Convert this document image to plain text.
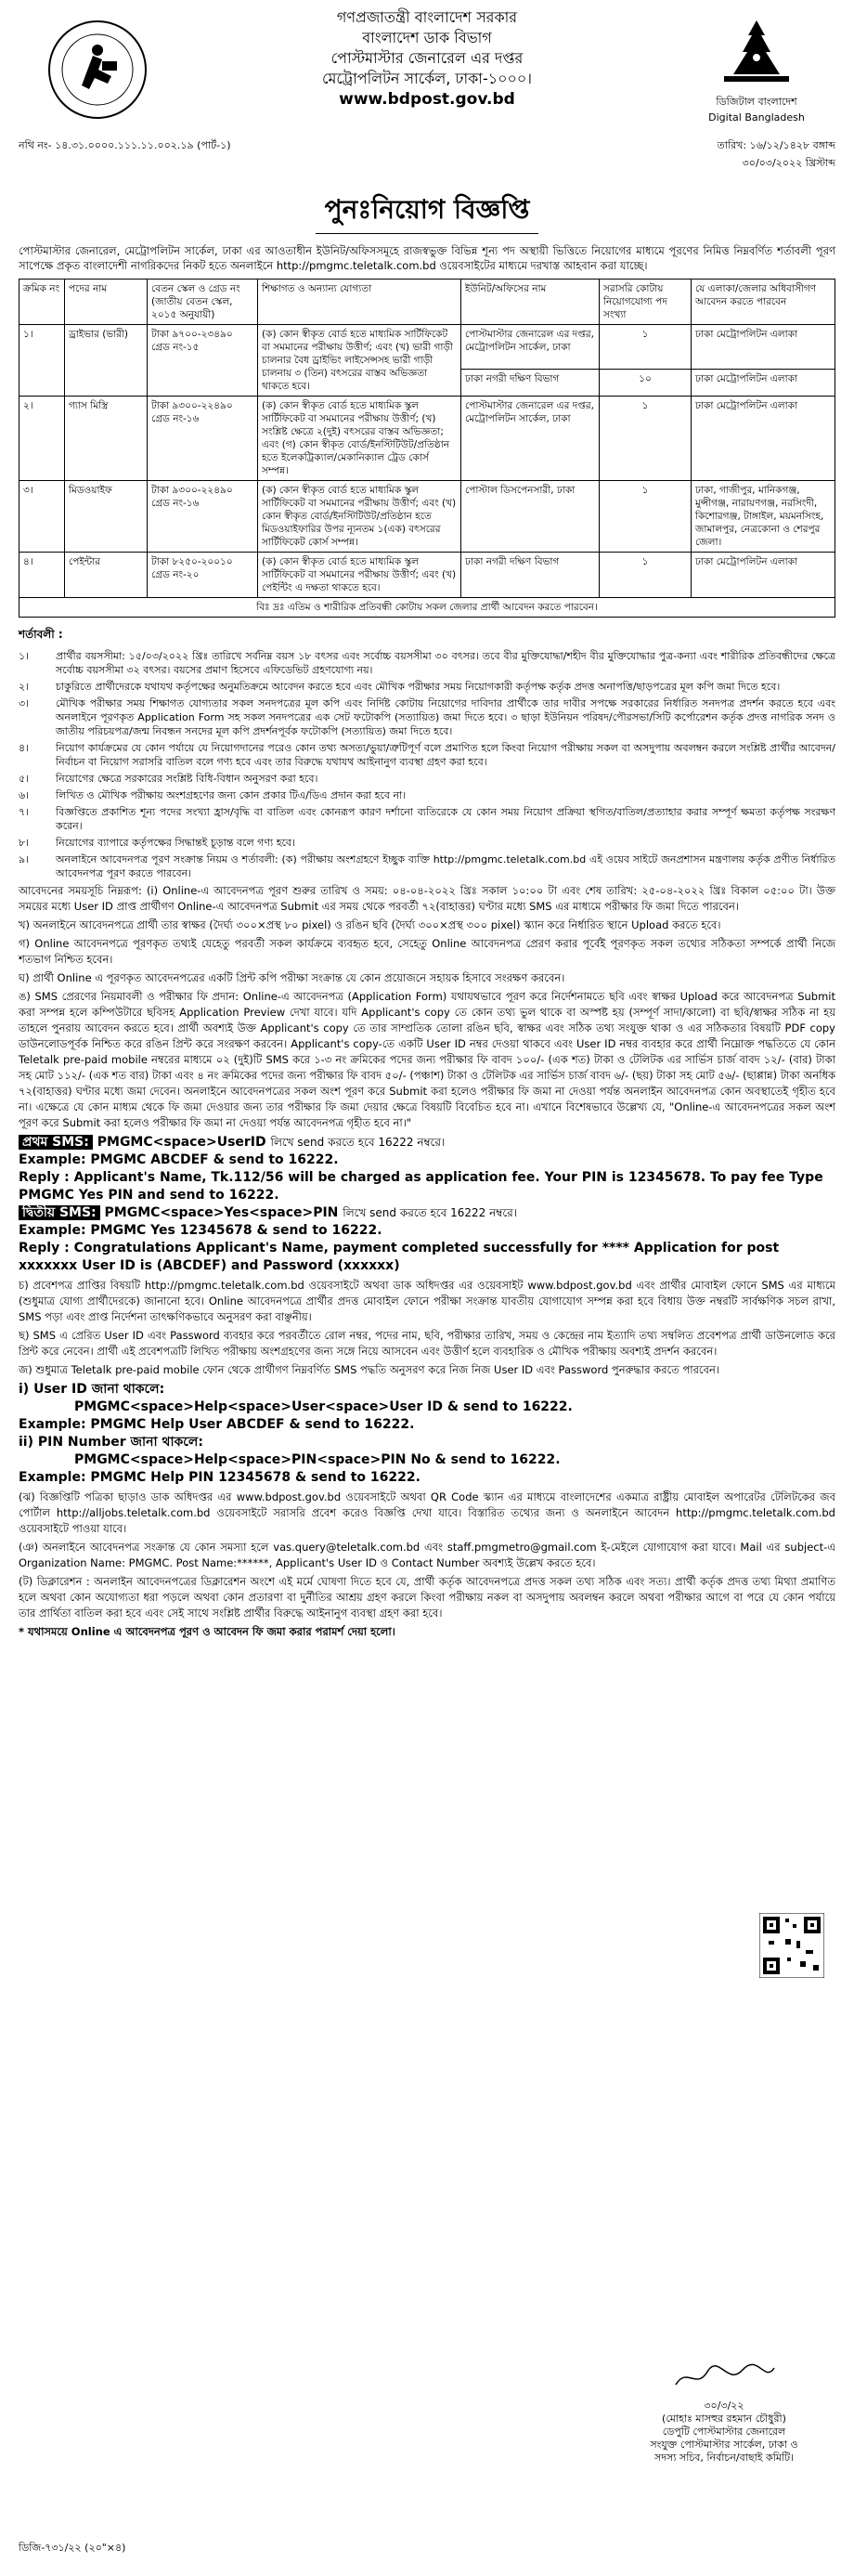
গণপ্রজাতন্ত্রী বাংলাদেশ সরকার
বাংলাদেশ ডাক বিভাগ
পোস্টমাস্টার জেনারেল এর দপ্তর
মেট্রোপলিটন সার্কেল, ঢাকা-১০০০।
www.bdpost.gov.bd	ডিজিটাল বাংলাদেশ
Digital Bangladesh
নথি নং- ১৪.৩১.০০০০.১১১.১১.০০২.১৯ (পার্ট-১)	তারিখ: ১৬/১২/১৪২৮ বঙ্গাব্দ
৩০/০৩/২০২২ খ্রিস্টাব্দ
পুনঃনিয়োগ বিজ্ঞপ্তি
পোস্টমাস্টার জেনারেল, মেট্রোপলিটন সার্কেল, ঢাকা এর আওতাধীন ইউনিট/অফিসসমূহে রাজস্বভুক্ত বিভিন্ন শূন্য পদ অস্থায়ী ভিত্তিতে নিয়োগের মাধ্যমে পূরণের নিমিত্ত নিম্নবর্ণিত শর্তাবলী পূরণ সাপেক্ষে প্রকৃত বাংলাদেশী নাগরিকদের নিকট হতে অনলাইনে http://pmgmc.teletalk.com.bd ওয়েবসাইটের মাধ্যমে দরখাস্ত আহবান করা যাচ্ছে।
ক্রমিক নং	পদের নাম	বেতন স্কেল ও গ্রেড নং (জাতীয় বেতন স্কেল, ২০১৫ অনুযায়ী)	শিক্ষাগত ও অন্যান্য যোগ্যতা	ইউনিট/অফিসের নাম	সরাসরি কোটায় নিয়োগযোগ্য পদ সংখ্যা	যে এলাকা/জেলার অধিবাসীগণ আবেদন করতে পারবেন
১।	ড্রাইভার (ভারী)	টাকা ৯৭০০-২৩৪৯০ গ্রেড নং-১৫	(ক) কোন স্বীকৃত বোর্ড হতে মাধ্যমিক সার্টিফিকেট বা সমমানের পরীক্ষায় উত্তীর্ণ; এবং (খ) ভারী গাড়ী চালনার বৈধ ড্রাইভিং লাইসেন্সসহ ভারী গাড়ী চালনায় ৩ (তিন) বৎসরের বাস্তব অভিজ্ঞতা থাকতে হবে।	পোস্টমাস্টার জেনারেল এর দপ্তর, মেট্রোপলিটন সার্কেল, ঢাকা	১	ঢাকা মেট্রোপলিটন এলাকা
				ঢাকা নগরী দক্ষিণ বিভাগ	১০	ঢাকা মেট্রোপলিটন এলাকা
২।	গ্যাস মিস্ত্রি	টাকা ৯৩০০-২২৪৯০ গ্রেড নং-১৬	(ক) কোন স্বীকৃত বোর্ড হতে মাধ্যমিক স্কুল সার্টিফিকেট বা সমমানের পরীক্ষায় উত্তীর্ণ; (খ) সংশ্লিষ্ট ক্ষেত্রে ২(দুই) বৎসরের বাস্তব অভিজ্ঞতা; এবং (গ) কোন স্বীকৃত বোর্ড/ইনস্টিটিউট/প্রতিষ্ঠান হতে ইলেকট্রিক্যাল/মেকানিক্যাল ট্রেড কোর্স সম্পন্ন।	পোস্টমাস্টার জেনারেল এর দপ্তর, মেট্রোপলিটন সার্কেল, ঢাকা	১	ঢাকা মেট্রোপলিটন এলাকা
৩।	মিডওয়াইফ	টাকা ৯৩০০-২২৪৯০ গ্রেড নং-১৬	(ক) কোন স্বীকৃত বোর্ড হতে মাধ্যমিক স্কুল সার্টিফিকেট বা সমমানের পরীক্ষায় উত্তীর্ণ; এবং (খ) কোন স্বীকৃত বোর্ড/ইনস্টিটিউট/প্রতিষ্ঠান হতে মিডওয়াইফারির উপর ন্যূনতম ১(এক) বৎসরের সার্টিফিকেট কোর্স সম্পন্ন।	পোস্টাল ডিসপেনসারী, ঢাকা	১	ঢাকা, গাজীপুর, মানিকগঞ্জ, মুন্সীগঞ্জ, নারায়ণগঞ্জ, নরসিংদী, কিশোরগঞ্জ, টাঙ্গাইল, ময়মনসিংহ, জামালপুর, নেত্রকোনা ও শেরপুর জেলা।
৪।	পেইন্টার	টাকা ৮২৫০-২০০১০ গ্রেড নং-২০	(ক) কোন স্বীকৃত বোর্ড হতে মাধ্যমিক স্কুল সার্টিফিকেট বা সমমানের পরীক্ষায় উত্তীর্ণ; এবং (খ) পেইন্টিং এ দক্ষতা থাকতে হবে।	ঢাকা নগরী দক্ষিণ বিভাগ	১	ঢাকা মেট্রোপলিটন এলাকা
বিঃ দ্রঃ এতিম ও শারীরিক প্রতিবন্ধী কোটায় সকল জেলার প্রার্থী আবেদন করতে পারবেন।						
শর্তাবলী :
১।	প্রার্থীর বয়সসীমা: ১৫/০৩/২০২২ খ্রিঃ তারিখে সর্বনিম্ন বয়স ১৮ বৎসর এবং সর্বোচ্চ বয়সসীমা ৩০ বৎসর। তবে বীর মুক্তিযোদ্ধা/শহীদ বীর মুক্তিযোদ্ধার পুত্র-কন্যা এবং শারীরিক প্রতিবন্ধীদের ক্ষেত্রে সর্বোচ্চ বয়সসীমা ৩২ বৎসর। বয়সের প্রমাণ হিসেবে এফিডেভিট গ্রহণযোগ্য নয়।
২।	চাকুরিতে প্রার্থীদেরকে যথাযথ কর্তৃপক্ষের অনুমতিক্রমে আবেদন করতে হবে এবং মৌখিক পরীক্ষার সময় নিয়োগকারী কর্তৃপক্ষ কর্তৃক প্রদত্ত অনাপত্তি/ছাড়পত্রের মূল কপি জমা দিতে হবে।
৩।	মৌখিক পরীক্ষার সময় শিক্ষাগত যোগ্যতার সকল সনদপত্রের মূল কপি এবং নির্দিষ্ট কোটায় নিয়োগের দাবিদার প্রার্থীকে তার দাবীর সপক্ষে সরকারের নির্ধারিত সনদপত্র প্রদর্শন করতে হবে এবং অনলাইনে পূরণকৃত Application Form সহ সকল সনদপত্রের এক সেট ফটোকপি (সত্যায়িত) জমা দিতে হবে। ৩ ছাড়া ইউনিয়ন পরিষদ/পৌরসভা/সিটি কর্পোরেশন কর্তৃক প্রদত্ত নাগরিক সনদ ও জাতীয় পরিচয়পত্র/জন্ম নিবন্ধন সনদের মূল কপি প্রদর্শনপূর্বক ফটোকপি (সত্যায়িত) জমা দিতে হবে।
৪।	নিয়োগ কার্যক্রমের যে কোন পর্যায়ে যে নিয়োগদানের পরেও কোন তথ্য অসত্য/ভুয়া/ত্রুটিপূর্ণ বলে প্রমাণিত হলে কিংবা নিয়োগ পরীক্ষায় সকল বা অসদুপায় অবলম্বন করলে সংশ্লিষ্ট প্রার্থীর আবেদন/নির্বাচন বা নিয়োগ সরাসরি বাতিল বলে গণ্য হবে এবং তার বিরুদ্ধে যথাযথ আইনানুগ ব্যবস্থা গ্রহণ করা হবে।
৫।	নিয়োগের ক্ষেত্রে সরকারের সংশ্লিষ্ট বিধি-বিধান অনুসরণ করা হবে।
৬।	লিখিত ও মৌখিক পরীক্ষায় অংশগ্রহণের জন্য কোন প্রকার টিএ/ডিএ প্রদান করা হবে না।
৭।	বিজ্ঞপ্তিতে প্রকাশিত শূন্য পদের সংখ্যা হ্রাস/বৃদ্ধি বা বাতিল এবং কোনরূপ কারণ দর্শানো ব্যতিরেকে যে কোন সময় নিয়োগ প্রক্রিয়া স্থগিত/বাতিল/প্রত্যাহার করার সম্পূর্ণ ক্ষমতা কর্তৃপক্ষ সংরক্ষণ করেন।
৮।	নিয়োগের ব্যাপারে কর্তৃপক্ষের সিদ্ধান্তই চূড়ান্ত বলে গণ্য হবে।
৯।	অনলাইনে আবেদনপত্র পূরণ সংক্রান্ত নিয়ম ও শর্তাবলী: (ক) পরীক্ষায় অংশগ্রহণে ইচ্ছুক ব্যক্তি http://pmgmc.teletalk.com.bd এই ওয়েব সাইটে জনপ্রশাসন মন্ত্রণালয় কর্তৃক প্রণীত নির্ধারিত আবেদনপত্র পূরণ করতে পারবেন।
আবেদনের সময়সূচি নিম্নরূপ: (i) Online-এ আবেদনপত্র পূরণ শুরুর তারিখ ও সময়: ০৪-০৪-২০২২ খ্রিঃ সকাল ১০:০০ টা এবং শেষ তারিখ: ২৫-০৪-২০২২ খ্রিঃ বিকাল ০৫:০০ টা। উক্ত সময়ের মধ্যে User ID প্রাপ্ত প্রার্থীগণ Online-এ আবেদনপত্র Submit এর সময় থেকে পরবর্তী ৭২(বাহাত্তর) ঘণ্টার মধ্যে SMS এর মাধ্যমে পরীক্ষার ফি জমা দিতে পারবেন।
খ) অনলাইনে আবেদনপত্রে প্রার্থী তার স্বাক্ষর (দৈর্ঘ্য ৩০০×প্রস্থ ৮০ pixel) ও রঙিন ছবি (দৈর্ঘ্য ৩০০×প্রস্থ ৩০০ pixel) স্ক্যান করে নির্ধারিত স্থানে Upload করতে হবে।
গ) Online আবেদনপত্রে পূরণকৃত তথ্যই যেহেতু পরবর্তী সকল কার্যক্রমে ব্যবহৃত হবে, সেহেতু Online আবেদনপত্র প্রেরণ করার পূর্বেই পূরণকৃত সকল তথ্যের সঠিকতা সম্পর্কে প্রার্থী নিজে শতভাগ নিশ্চিত হবেন।
ঘ) প্রার্থী Online এ পূরণকৃত আবেদনপত্রের একটি প্রিন্ট কপি পরীক্ষা সংক্রান্ত যে কোন প্রয়োজনে সহায়ক হিসাবে সংরক্ষণ করবেন।
ঙ) SMS প্রেরণের নিয়মাবলী ও পরীক্ষার ফি প্রদান: Online-এ আবেদনপত্র (Application Form) যথাযথভাবে পূরণ করে নির্দেশনামতে ছবি এবং স্বাক্ষর Upload করে আবেদনপত্র Submit করা সম্পন্ন হলে কম্পিউটারে ছবিসহ Application Preview দেখা যাবে। যদি Applicant's copy তে কোন তথ্য ভুল থাকে বা অস্পষ্ট হয় (সম্পূর্ণ সাদা/কালো) বা ছবি/স্বাক্ষর সঠিক না হয় তাহলে পুনরায় আবেদন করতে হবে। প্রার্থী অবশ্যই উক্ত Applicant's copy তে তার সাম্প্রতিক তোলা রঙিন ছবি, স্বাক্ষর এবং সঠিক তথ্য সংযুক্ত থাকা ও এর সঠিকতার বিষয়টি PDF copy ডাউনলোডপূর্বক নিশ্চিত করে রঙিন প্রিন্ট করে সংরক্ষণ করবেন। Applicant's copy-তে একটি User ID নম্বর দেওয়া থাকবে এবং User ID নম্বর ব্যবহার করে প্রার্থী নিম্নোক্ত পদ্ধতিতে যে কোন Teletalk pre-paid mobile নম্বরের মাধ্যমে ০২ (দুই)টি SMS করে ১-৩ নং ক্রমিকের পদের জন্য পরীক্ষার ফি বাবদ ১০০/- (এক শত) টাকা ও টেলিটক এর সার্ভিস চার্জ বাবদ ১২/- (বার) টাকা সহ মোট ১১২/- (এক শত বার) টাকা এবং ৪ নং ক্রমিকের পদের জন্য পরীক্ষার ফি বাবদ ৫০/- (পঞ্চাশ) টাকা ও টেলিটক এর সার্ভিস চার্জ বাবদ ৬/- (ছয়) টাকা সহ মোট ৫৬/- (ছাপ্পান্ন) টাকা অনধিক ৭২(বাহাত্তর) ঘণ্টার মধ্যে জমা দেবেন। অনলাইনে আবেদনপত্রের সকল অংশ পূরণ করে Submit করা হলেও পরীক্ষার ফি জমা না দেওয়া পর্যন্ত অনলাইন আবেদনপত্র কোন অবস্থাতেই গৃহীত হবে না। এক্ষেত্রে যে কোন মাধ্যম থেকে ফি জমা দেওয়ার জন্য তার পরীক্ষার ফি জমা দেয়ার ক্ষেত্রে বিষয়টি বিবেচিত হবে না। এখানে বিশেষভাবে উল্লেখ্য যে, "Online-এ আবেদনপত্রের সকল অংশ পূরণ করে Submit করা হলেও পরীক্ষার ফি জমা না দেওয়া পর্যন্ত আবেদনপত্র গৃহীত হবে না।"
প্রথম SMS: PMGMC<space>UserID লিখে send করতে হবে 16222 নম্বরে।
Example: PMGMC ABCDEF & send to 16222.
Reply : Applicant's Name, Tk.112/56 will be charged as application fee. Your PIN is 12345678. To pay fee Type PMGMC Yes PIN and send to 16222.
দ্বিতীয় SMS: PMGMC<space>Yes<space>PIN লিখে send করতে হবে 16222 নম্বরে।
Example: PMGMC Yes 12345678 & send to 16222.
Reply : Congratulations Applicant's Name, payment completed successfully for **** Application for post xxxxxxx User ID is (ABCDEF) and Password (xxxxxx)
চ) প্রবেশপত্র প্রাপ্তির বিষয়টি http://pmgmc.teletalk.com.bd ওয়েবসাইটে অথবা ডাক অধিদপ্তর এর ওয়েবসাইট www.bdpost.gov.bd এবং প্রার্থীর মোবাইল ফোনে SMS এর মাধ্যমে (শুধুমাত্র যোগ্য প্রার্থীদেরকে) জানানো হবে। Online আবেদনপত্রে প্রার্থীর প্রদত্ত মোবাইল ফোনে পরীক্ষা সংক্রান্ত যাবতীয় যোগাযোগ সম্পন্ন করা হবে বিধায় উক্ত নম্বরটি সার্বক্ষণিক সচল রাখা, SMS পড়া এবং প্রাপ্ত নির্দেশনা তাৎক্ষণিকভাবে অনুসরণ করা বাঞ্ছনীয়।
ছ) SMS এ প্রেরিত User ID এবং Password ব্যবহার করে পরবর্তীতে রোল নম্বর, পদের নাম, ছবি, পরীক্ষার তারিখ, সময় ও কেন্দ্রের নাম ইত্যাদি তথ্য সম্বলিত প্রবেশপত্র প্রার্থী ডাউনলোড করে প্রিন্ট করে নেবেন। প্রার্থী এই প্রবেশপত্রটি লিখিত পরীক্ষায় অংশগ্রহণের জন্য সঙ্গে নিয়ে আসবেন এবং উত্তীর্ণ হলে ব্যবহারিক ও মৌখিক পরীক্ষায় অবশ্যই প্রদর্শন করবেন।
জ) শুধুমাত্র Teletalk pre-paid mobile ফোন থেকে প্রার্থীগণ নিম্নবর্ণিত SMS পদ্ধতি অনুসরণ করে নিজ নিজ User ID এবং Password পুনরুদ্ধার করতে পারবেন।
i) User ID জানা থাকলে:
PMGMC<space>Help<space>User<space>User ID & send to 16222.
Example: PMGMC Help User ABCDEF & send to 16222.
ii) PIN Number জানা থাকলে:
PMGMC<space>Help<space>PIN<space>PIN No & send to 16222.
Example: PMGMC Help PIN 12345678 & send to 16222.
(ঝ) বিজ্ঞপ্তিটি পত্রিকা ছাড়াও ডাক অধিদপ্তর এর www.bdpost.gov.bd ওয়েবসাইটে অথবা QR Code স্ক্যান এর মাধ্যমে বাংলাদেশের একমাত্র রাষ্ট্রীয় মোবাইল অপারেটর টেলিটকের জব পোর্টাল http://alljobs.teletalk.com.bd ওয়েবসাইটে সরাসরি প্রবেশ করেও বিজ্ঞপ্তি দেখা যাবে। বিস্তারিত তথ্যের জন্য ও অনলাইনে আবেদন http://pmgmc.teletalk.com.bd ওয়েবসাইটে পাওয়া যাবে।
(ঞ) অনলাইনে আবেদনপত্র সংক্রান্ত যে কোন সমস্যা হলে vas.query@teletalk.com.bd এবং staff.pmgmetro@gmail.com ই-মেইলে যোগাযোগ করা যাবে। Mail এর subject-এ Organization Name: PMGMC. Post Name:******, Applicant's User ID ও Contact Number অবশ্যই উল্লেখ করতে হবে।
(ট) ডিক্লারেশন : অনলাইন আবেদনপত্রের ডিক্লারেশন অংশে এই মর্মে ঘোষণা দিতে হবে যে, প্রার্থী কর্তৃক আবেদনপত্রে প্রদত্ত সকল তথ্য সঠিক এবং সত্য। প্রার্থী কর্তৃক প্রদত্ত তথ্য মিথ্যা প্রমাণিত হলে অথবা কোন অযোগ্যতা ধরা পড়লে অথবা কোন প্রতারণা বা দুর্নীতির আশ্রয় গ্রহণ করলে কিংবা পরীক্ষায় নকল বা অসদুপায় অবলম্বন করলে অথবা পরীক্ষার আগে বা পরে যে কোন পর্যায়ে তার প্রার্থিতা বাতিল করা হবে এবং সেই সাথে সংশ্লিষ্ট প্রার্থীর বিরুদ্ধে আইনানুগ ব্যবস্থা গ্রহণ করা হবে।
* যথাসময়ে Online এ আবেদনপত্র পূরণ ও আবেদন ফি জমা করার পরামর্শ দেয়া হলো।
৩০/৩/২২
(মোহাঃ মাসহুর রহমান চৌধুরী)
ডেপুটি পোস্টমাস্টার জেনারেল
সংযুক্ত পোস্টমাস্টার সার্কেল, ঢাকা ও
সদস্য সচিব, নির্বাচন/বাছাই কমিটি।
ডিজি-৭৩১/২২ (২০"×৪)
